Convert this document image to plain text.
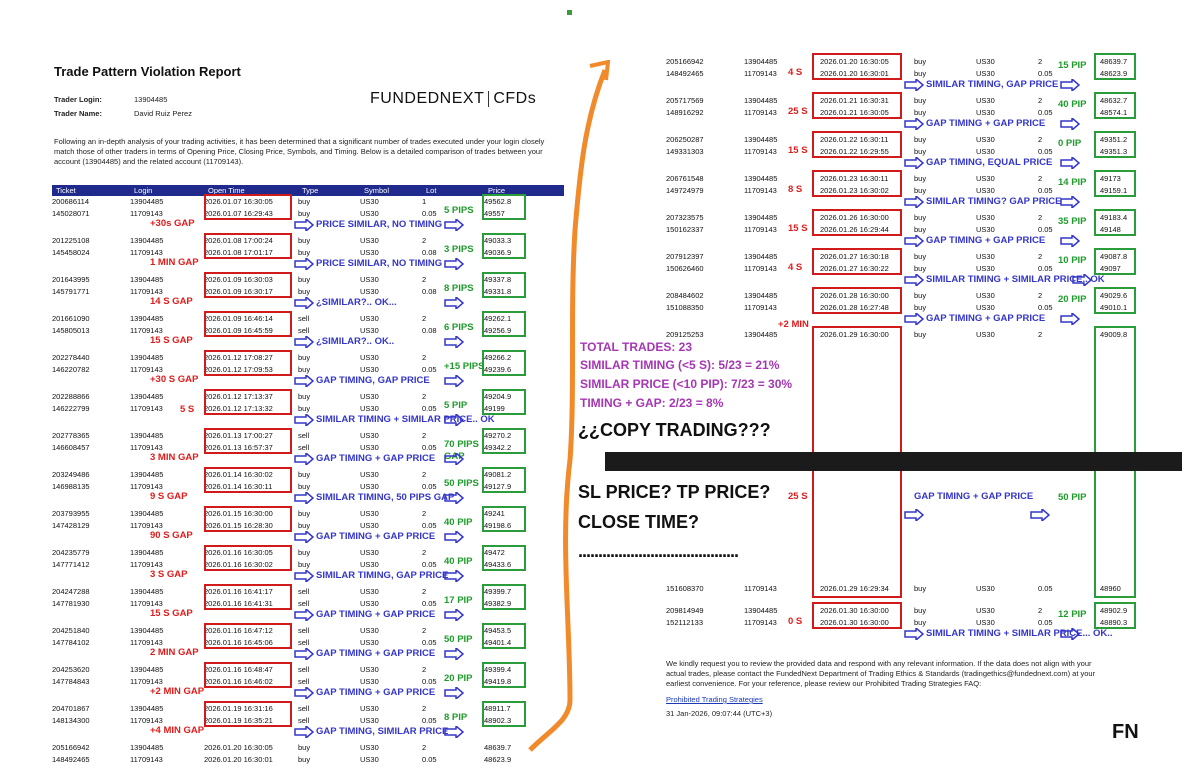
Trade Pattern Violation Report
Trader Login:	13904485
Trader Name:	David Ruiz Perez
FUNDEDNEXT CFDs
Following an in-depth analysis of your trading activities, it has been determined that a significant number of trades executed under your login closely match those of other traders in terms of Opening Price, Closing Price, Symbols, and Timing. Below is a detailed comparison of trades between your account (13904485) and the related account (11709143).
Ticket	Login	Open Time	Type	Symbol	Lot	Price
200686114	13904485	2026.01.07 16:30:05	buy	US30	1	49562.8
145028071	11709143	2026.01.07 16:29:43	buy	US30	0.05	49557
201225108	13904485	2026.01.08 17:00:24	buy	US30	2	49033.3
145458024	11709143	2026.01.08 17:01:17	buy	US30	0.08	49036.9
201643995	13904485	2026.01.09 16:30:03	buy	US30	2	49337.8
145791771	11709143	2026.01.09 16:30:17	buy	US30	0.08	49331.8
201661090	13904485	2026.01.09 16:46:14	sell	US30	2	49262.1
145805013	11709143	2026.01.09 16:45:59	sell	US30	0.08	49256.9
202278440	13904485	2026.01.12 17:08:27	buy	US30	2	49266.2
146220782	11709143	2026.01.12 17:09:53	buy	US30	0.05	49239.6
202288866	13904485	2026.01.12 17:13:37	buy	US30	2	49204.9
146222799	11709143	2026.01.12 17:13:32	buy	US30	0.05	49199
202778365	13904485	2026.01.13 17:00:27	sell	US30	2	49270.2
146608457	11709143	2026.01.13 16:57:37	sell	US30	0.05	49342.2
203249486	13904485	2026.01.14 16:30:02	buy	US30	2	49081.2
146988135	11709143	2026.01.14 16:30:11	buy	US30	0.05	49127.9
203793955	13904485	2026.01.15 16:30:00	buy	US30	2	49241
147428129	11709143	2026.01.15 16:28:30	buy	US30	0.05	49198.6
204235779	13904485	2026.01.16 16:30:05	buy	US30	2	49472
147771412	11709143	2026.01.16 16:30:02	buy	US30	0.05	49433.6
204247288	13904485	2026.01.16 16:41:17	sell	US30	2	49399.7
147781930	11709143	2026.01.16 16:41:31	sell	US30	0.05	49382.9
204251840	13904485	2026.01.16 16:47:12	sell	US30	2	49453.5
147784102	11709143	2026.01.16 16:45:06	sell	US30	0.05	49401.4
204253620	13904485	2026.01.16 16:48:47	sell	US30	2	49399.4
147784843	11709143	2026.01.16 16:46:02	sell	US30	0.05	49419.8
204701867	13904485	2026.01.19 16:31:16	sell	US30	2	48911.7
148134300	11709143	2026.01.19 16:35:21	sell	US30	0.05	48902.3
205166942	13904485	2026.01.20 16:30:05	buy	US30	2	48639.7
148492465	11709143	2026.01.20 16:30:01	buy	US30	0.05	48623.9
+30s GAP
5 PIPS
PRICE SIMILAR, NO TIMING
1 MIN GAP
3 PIPS
PRICE SIMILAR, NO TIMING
14 S GAP
8 PIPS
¿SIMILAR?.. OK...
15 S GAP
6 PIPS
¿SIMILAR?.. OK..
+30 S GAP
+15 PIPS
GAP TIMING, GAP PRICE
5 S	5 PIP
SIMILAR TIMING + SIMILAR PRICE.. OK
3 MIN GAP
70 PIPS
GAP
GAP TIMING + GAP PRICE
9 S GAP
50 PIPS
SIMILAR TIMING, 50 PIPS GAP
90 S GAP
40 PIP
GAP TIMING + GAP PRICE
3 S GAP
40 PIP
SIMILAR TIMING, GAP PRICE
15 S GAP
17 PIP
GAP TIMING + GAP PRICE
2 MIN GAP
50 PIP
GAP TIMING + GAP PRICE
+2 MIN GAP
20 PIP
GAP TIMING + GAP PRICE
+4 MIN GAP
8 PIP
GAP TIMING, SIMILAR PRICE
205166942	13904485	2026.01.20 16:30:05	buy	US30	2	48639.7
148492465	11709143	2026.01.20 16:30:01	buy	US30	0.05	48623.9
205717569	13904485	2026.01.21 16:30:31	buy	US30	2	48632.7
148916292	11709143	2026.01.21 16:30:05	buy	US30	0.05	48574.1
206250287	13904485	2026.01.22 16:30:11	buy	US30	2	49351.2
149331303	11709143	2026.01.22 16:29:55	buy	US30	0.05	49351.3
206761548	13904485	2026.01.23 16:30:11	buy	US30	2	49173
149724979	11709143	2026.01.23 16:30:02	buy	US30	0.05	49159.1
207323575	13904485	2026.01.26 16:30:00	buy	US30	2	49183.4
150162337	11709143	2026.01.26 16:29:44	buy	US30	0.05	49148
207912397	13904485	2026.01.27 16:30:18	buy	US30	2	49087.8
150626460	11709143	2026.01.27 16:30:22	buy	US30	0.05	49097
208484602	13904485	2026.01.28 16:30:00	buy	US30	2	49029.6
151088350	11709143	2026.01.28 16:27:48	buy	US30	0.05	49010.1
209125253	13904485	2026.01.29 16:30:00	buy	US30	2	49009.8
151608370	11709143	2026.01.29 16:29:34	buy	US30	0.05	48960
209814949	13904485	2026.01.30 16:30:00	buy	US30	2	48902.9
152112133	11709143	2026.01.30 16:30:00	buy	US30	0.05	48890.3
4 S
15 PIP
SIMILAR TIMING, GAP PRICE
25 S
40 PIP
GAP TIMING + GAP PRICE
15 S
0 PIP
GAP TIMING, EQUAL PRICE
8 S
14 PIP
SIMILAR TIMING? GAP PRICE
15 S
35 PIP
GAP TIMING + GAP PRICE
4 S
10 PIP
SIMILAR TIMING + SIMILAR PRICE.. OK
+2 MIN
20 PIP
GAP TIMING + GAP PRICE
25 S	GAP TIMING + GAP PRICE	50 PIP
0 S
12 PIP
SIMILAR TIMING + SIMILAR PRICE... OK..
We kindly request you to review the provided data and respond with any relevant information. If the data does not align with your actual trades, please contact the FundedNext Department of Trading Ethics & Standards (tradingethics@fundednext.com) at your earliest convenience. For your reference, please review our Prohibited Trading Strategies FAQ:
Prohibited Trading Strategies
31 Jan-2026, 09:07:44 (UTC+3)
FN
TOTAL TRADES: 23
SIMILAR TIMING (<5 S): 5/23 = 21%
SIMILAR PRICE (<10 PIP): 7/23 = 30%
TIMING + GAP: 2/23 = 8%
¿¿COPY TRADING???
SL PRICE? TP PRICE?
CLOSE TIME?
........................................
